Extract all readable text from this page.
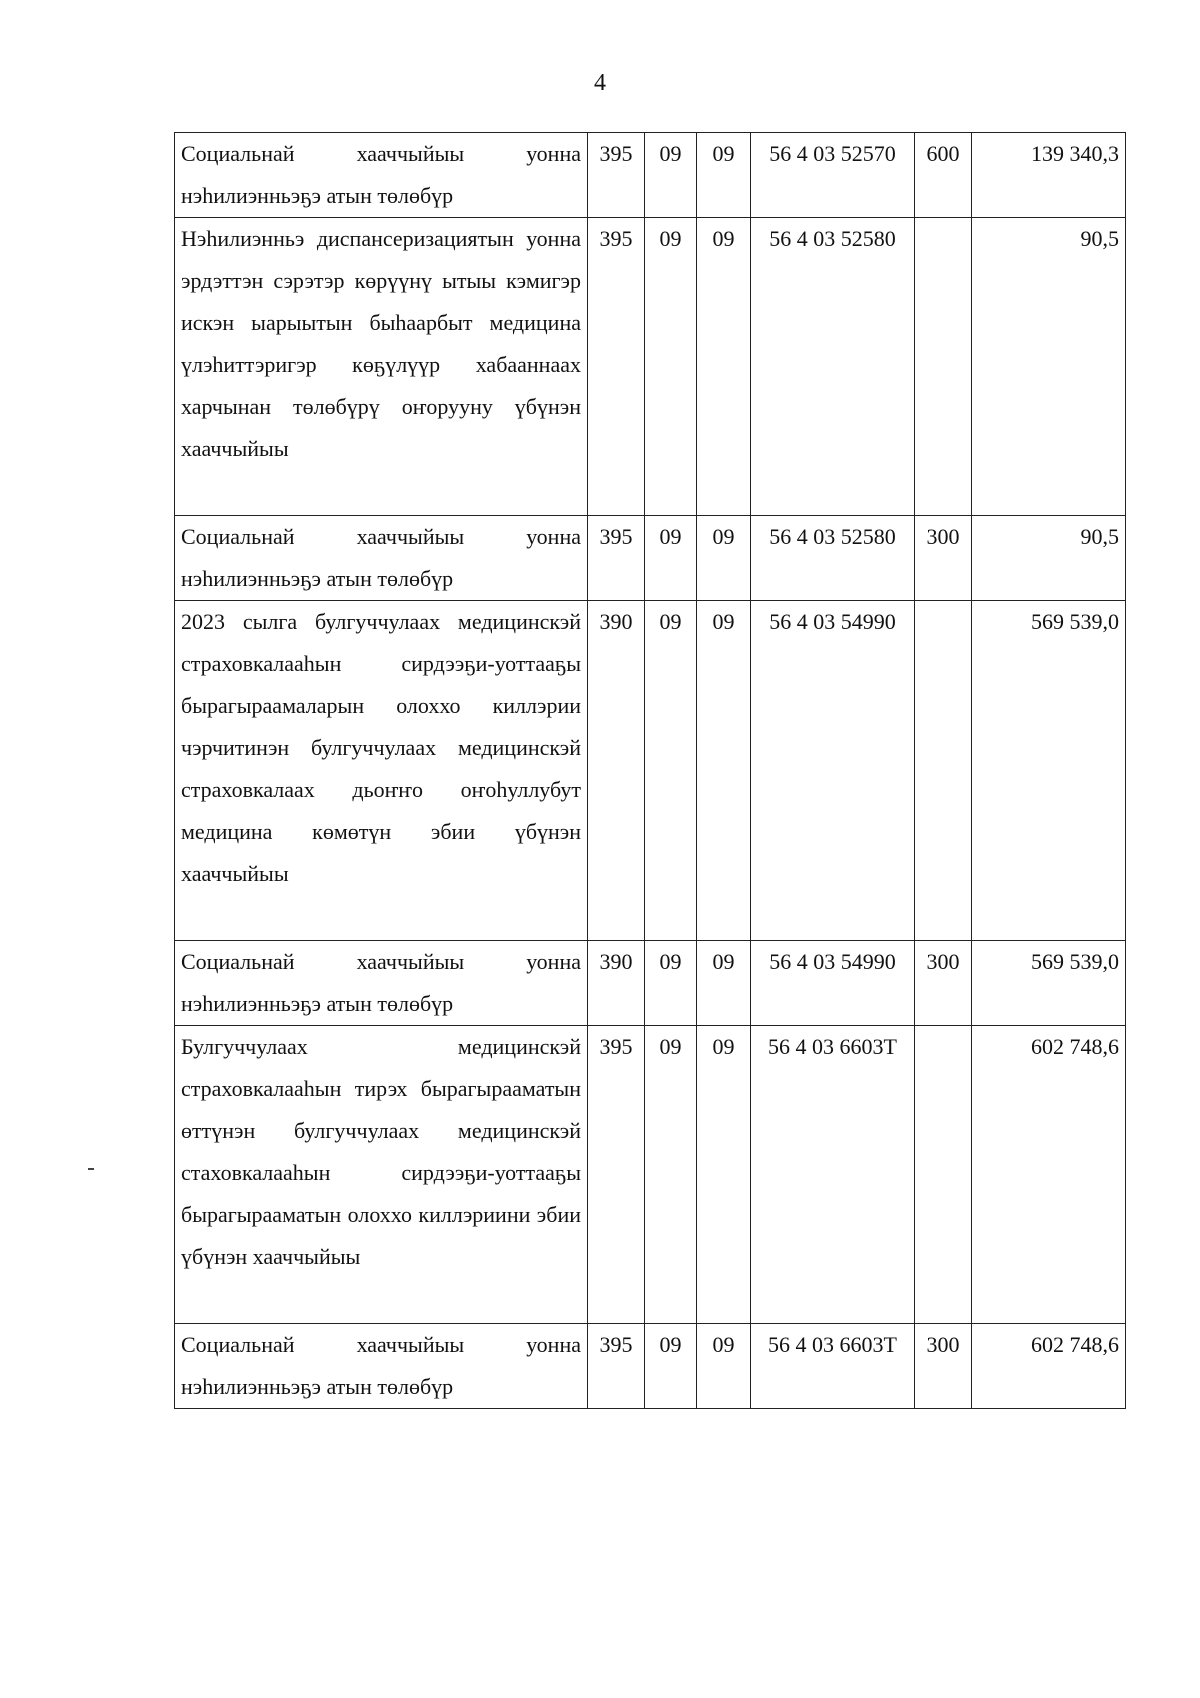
4
Социальнай хааччыйыы уонна нэhилиэнньэҕэ атын төлөбүр	395	09	09	56 4 03 52570	600	139 340,3
Нэhилиэнньэ диспансеризациятын уонна эрдэттэн сэрэтэр көрүүнү ытыы кэмигэр искэн ыарыытын быhаарбыт медицина үлэhиттэригэр көҕүлүүр хабааннаах харчынан төлөбүрү оҥорууну үбүнэн хааччыйыы	395	09	09	56 4 03 52580		90,5
Социальнай хааччыйыы уонна нэhилиэнньэҕэ атын төлөбүр	395	09	09	56 4 03 52580	300	90,5
2023 сылга булгуччулаах медицинскэй страховкалааhын сирдээҕи-уоттааҕы бырагыраамаларын олоххо киллэрии чэрчитинэн булгуччулаах медицинскэй страховкалаах дьоҥҥо оҥоhуллубут медицина көмөтүн эбии үбүнэн хааччыйыы	390	09	09	56 4 03 54990		569 539,0
Социальнай хааччыйыы уонна нэhилиэнньэҕэ атын төлөбүр	390	09	09	56 4 03 54990	300	569 539,0
Булгуччулаах медицинскэй страховкалааhын тирэх бырагырааматын өттүнэн булгуччулаах медицинскэй стаховкалааhын сирдээҕи-уоттааҕы бырагырааматын олоххо киллэриини эбии үбүнэн хааччыйыы	395	09	09	56 4 03 6603Т		602 748,6
Социальнай хааччыйыы уонна нэhилиэнньэҕэ атын төлөбүр	395	09	09	56 4 03 6603Т	300	602 748,6
